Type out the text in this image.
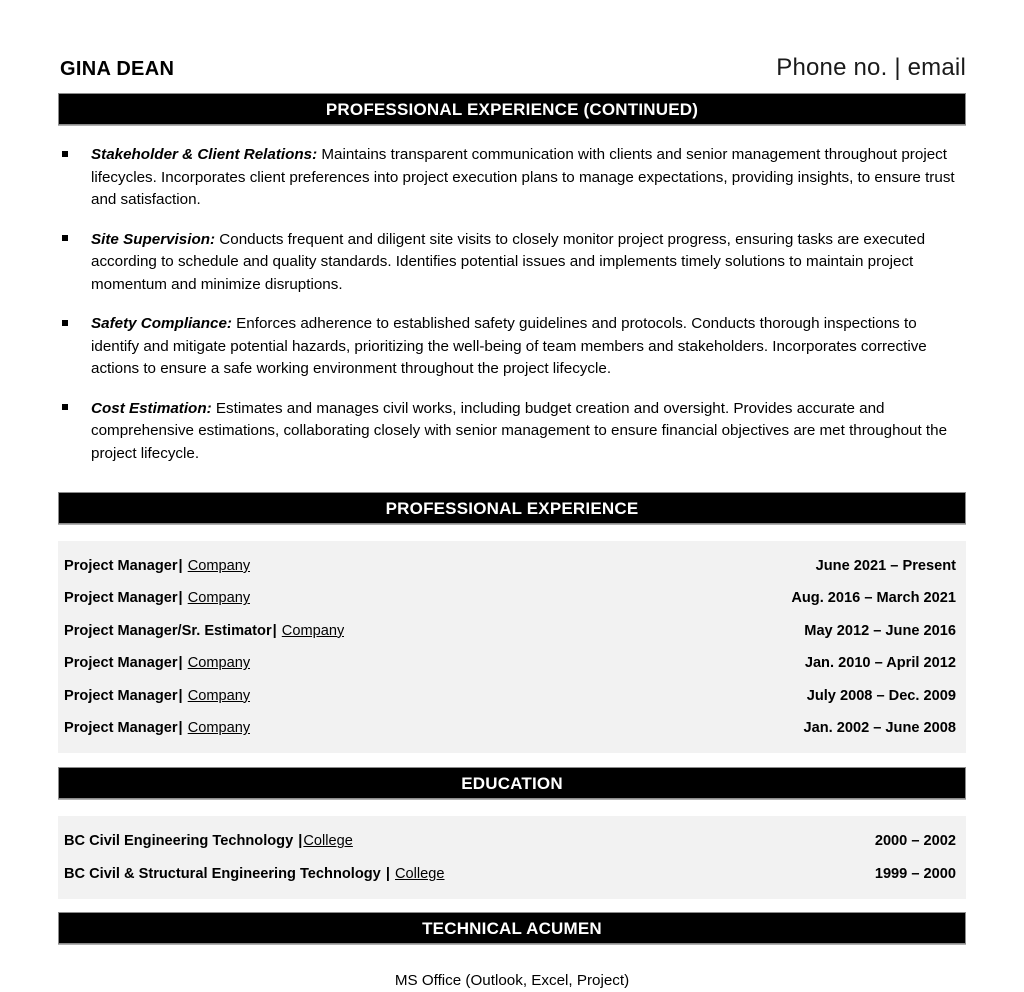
GINA DEAN	Phone no. | email
PROFESSIONAL EXPERIENCE (CONTINUED)
Stakeholder & Client Relations: Maintains transparent communication with clients and senior management throughout project lifecycles. Incorporates client preferences into project execution plans to manage expectations, providing insights, to ensure trust and satisfaction.
Site Supervision: Conducts frequent and diligent site visits to closely monitor project progress, ensuring tasks are executed according to schedule and quality standards. Identifies potential issues and implements timely solutions to maintain project momentum and minimize disruptions.
Safety Compliance: Enforces adherence to established safety guidelines and protocols. Conducts thorough inspections to identify and mitigate potential hazards, prioritizing the well-being of team members and stakeholders. Incorporates corrective actions to ensure a safe working environment throughout the project lifecycle.
Cost Estimation: Estimates and manages civil works, including budget creation and oversight. Provides accurate and comprehensive estimations, collaborating closely with senior management to ensure financial objectives are met throughout the project lifecycle.
PROFESSIONAL EXPERIENCE
Project Manager| Company	June 2021 – Present
Project Manager| Company	Aug. 2016 – March 2021
Project Manager/Sr. Estimator| Company	May 2012 – June 2016
Project Manager| Company	Jan. 2010 – April 2012
Project Manager| Company	July 2008 – Dec. 2009
Project Manager| Company	Jan. 2002 – June 2008
EDUCATION
BC Civil Engineering Technology |College	2000 – 2002
BC Civil & Structural Engineering Technology | College	1999 – 2000
TECHNICAL ACUMEN
MS Office (Outlook, Excel, Project)
